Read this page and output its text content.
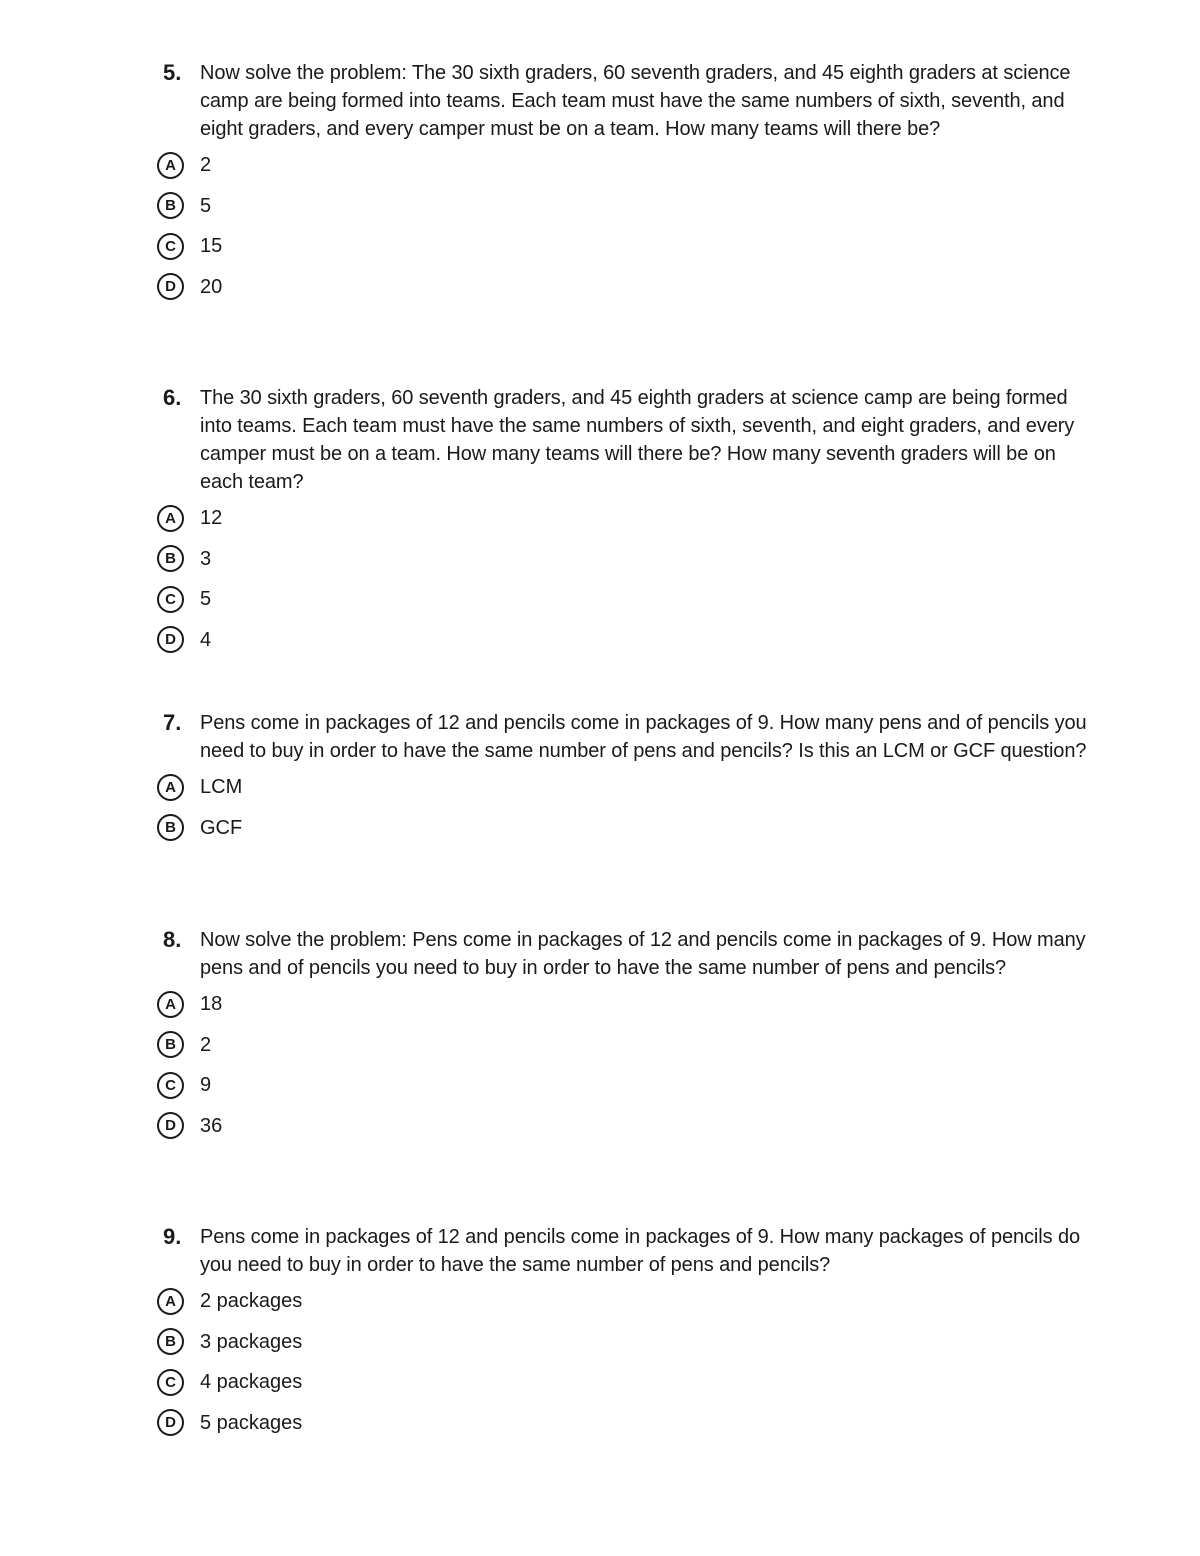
5. Now solve the problem: The 30 sixth graders, 60 seventh graders, and 45 eighth graders at science camp are being formed into teams. Each team must have the same numbers of sixth, seventh, and eight graders, and every camper must be on a team. How many teams will there be?
A	2
B	5
C	15
D	20
6. The 30 sixth graders, 60 seventh graders, and 45 eighth graders at science camp are being formed into teams. Each team must have the same numbers of sixth, seventh, and eight graders, and every camper must be on a team. How many teams will there be? How many seventh graders will be on each team?
A	12
B	3
C	5
D	4
7. Pens come in packages of 12 and pencils come in packages of 9. How many pens and of pencils you need to buy in order to have the same number of pens and pencils? Is this an LCM or GCF question?
A	LCM
B	GCF
8. Now solve the problem: Pens come in packages of 12 and pencils come in packages of 9. How many pens and of pencils you need to buy in order to have the same number of pens and pencils?
A	18
B	2
C	9
D	36
9. Pens come in packages of 12 and pencils come in packages of 9. How many packages of pencils do you need to buy in order to have the same number of pens and pencils?
A	2 packages
B	3 packages
C	4 packages
D	5 packages
